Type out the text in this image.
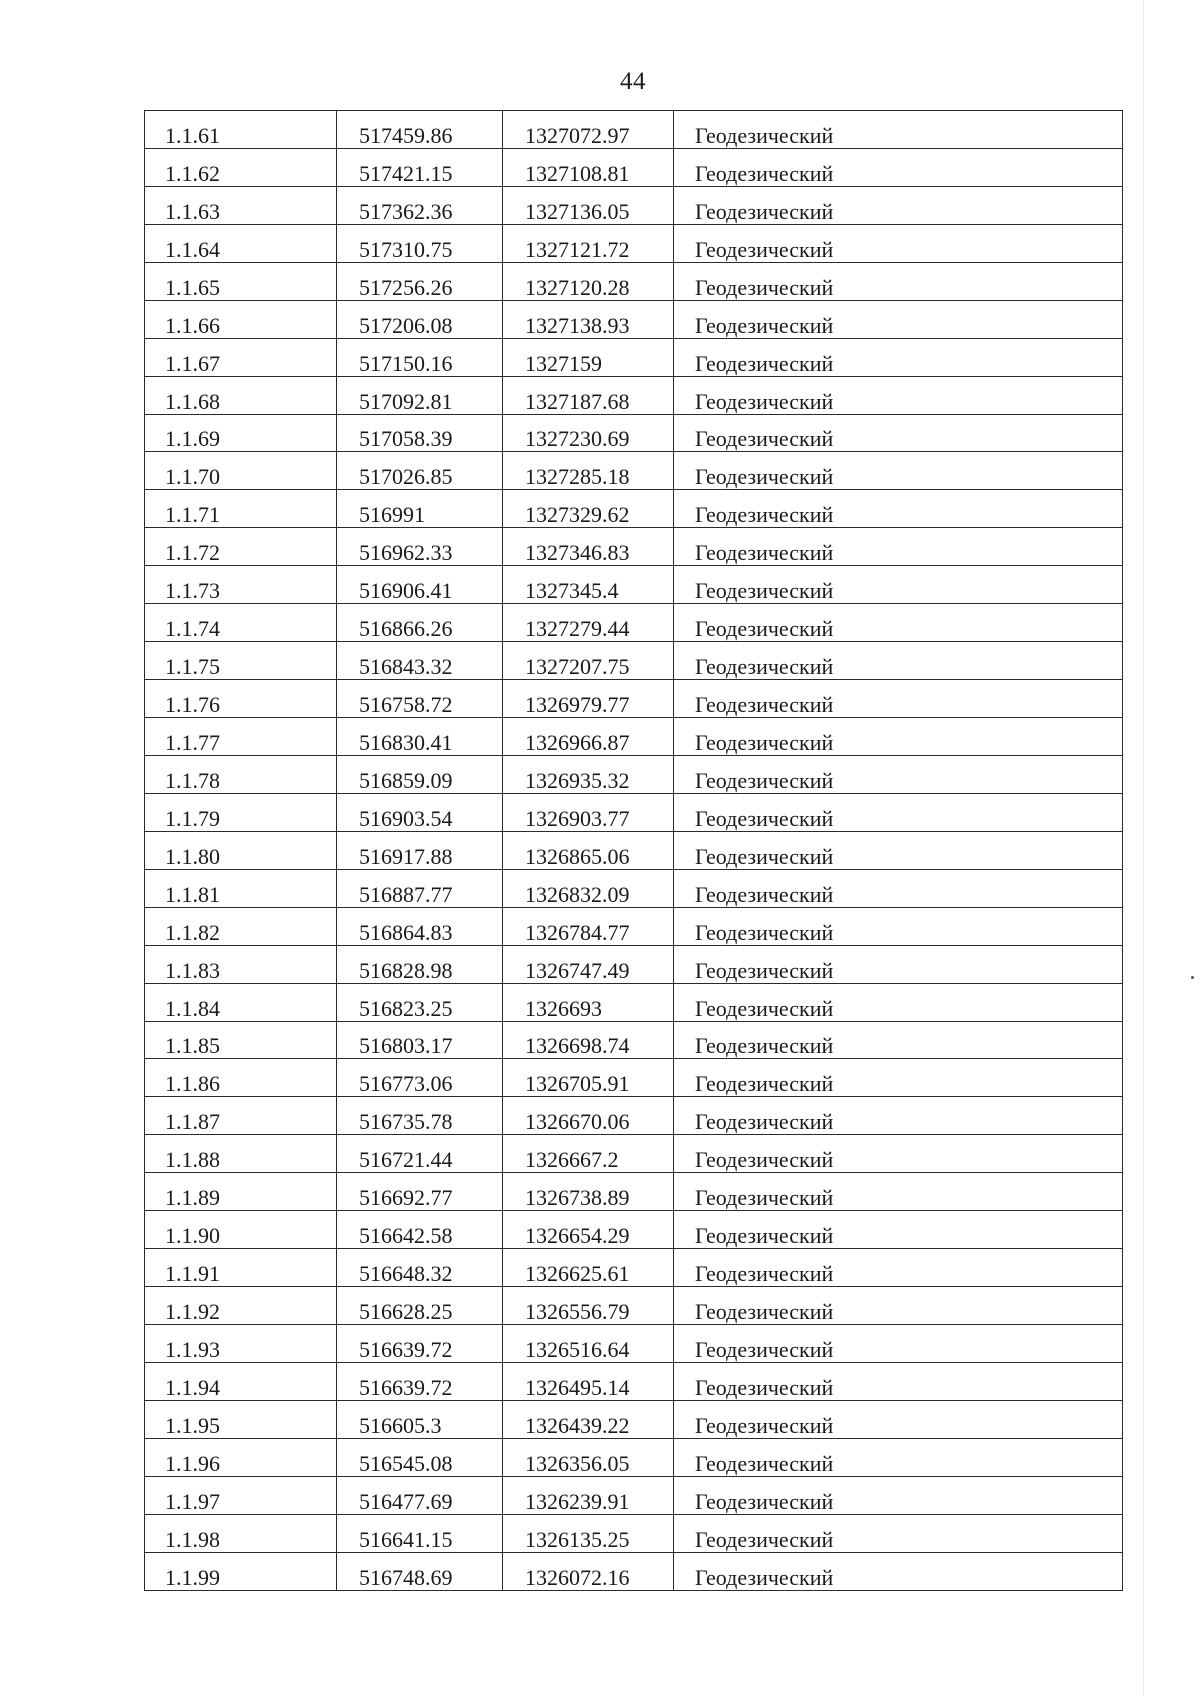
44
1.1.61	517459.86	1327072.97	Геодезический
1.1.62	517421.15	1327108.81	Геодезический
1.1.63	517362.36	1327136.05	Геодезический
1.1.64	517310.75	1327121.72	Геодезический
1.1.65	517256.26	1327120.28	Геодезический
1.1.66	517206.08	1327138.93	Геодезический
1.1.67	517150.16	1327159	Геодезический
1.1.68	517092.81	1327187.68	Геодезический
1.1.69	517058.39	1327230.69	Геодезический
1.1.70	517026.85	1327285.18	Геодезический
1.1.71	516991	1327329.62	Геодезический
1.1.72	516962.33	1327346.83	Геодезический
1.1.73	516906.41	1327345.4	Геодезический
1.1.74	516866.26	1327279.44	Геодезический
1.1.75	516843.32	1327207.75	Геодезический
1.1.76	516758.72	1326979.77	Геодезический
1.1.77	516830.41	1326966.87	Геодезический
1.1.78	516859.09	1326935.32	Геодезический
1.1.79	516903.54	1326903.77	Геодезический
1.1.80	516917.88	1326865.06	Геодезический
1.1.81	516887.77	1326832.09	Геодезический
1.1.82	516864.83	1326784.77	Геодезический
1.1.83	516828.98	1326747.49	Геодезический
1.1.84	516823.25	1326693	Геодезический
1.1.85	516803.17	1326698.74	Геодезический
1.1.86	516773.06	1326705.91	Геодезический
1.1.87	516735.78	1326670.06	Геодезический
1.1.88	516721.44	1326667.2	Геодезический
1.1.89	516692.77	1326738.89	Геодезический
1.1.90	516642.58	1326654.29	Геодезический
1.1.91	516648.32	1326625.61	Геодезический
1.1.92	516628.25	1326556.79	Геодезический
1.1.93	516639.72	1326516.64	Геодезический
1.1.94	516639.72	1326495.14	Геодезический
1.1.95	516605.3	1326439.22	Геодезический
1.1.96	516545.08	1326356.05	Геодезический
1.1.97	516477.69	1326239.91	Геодезический
1.1.98	516641.15	1326135.25	Геодезический
1.1.99	516748.69	1326072.16	Геодезический
